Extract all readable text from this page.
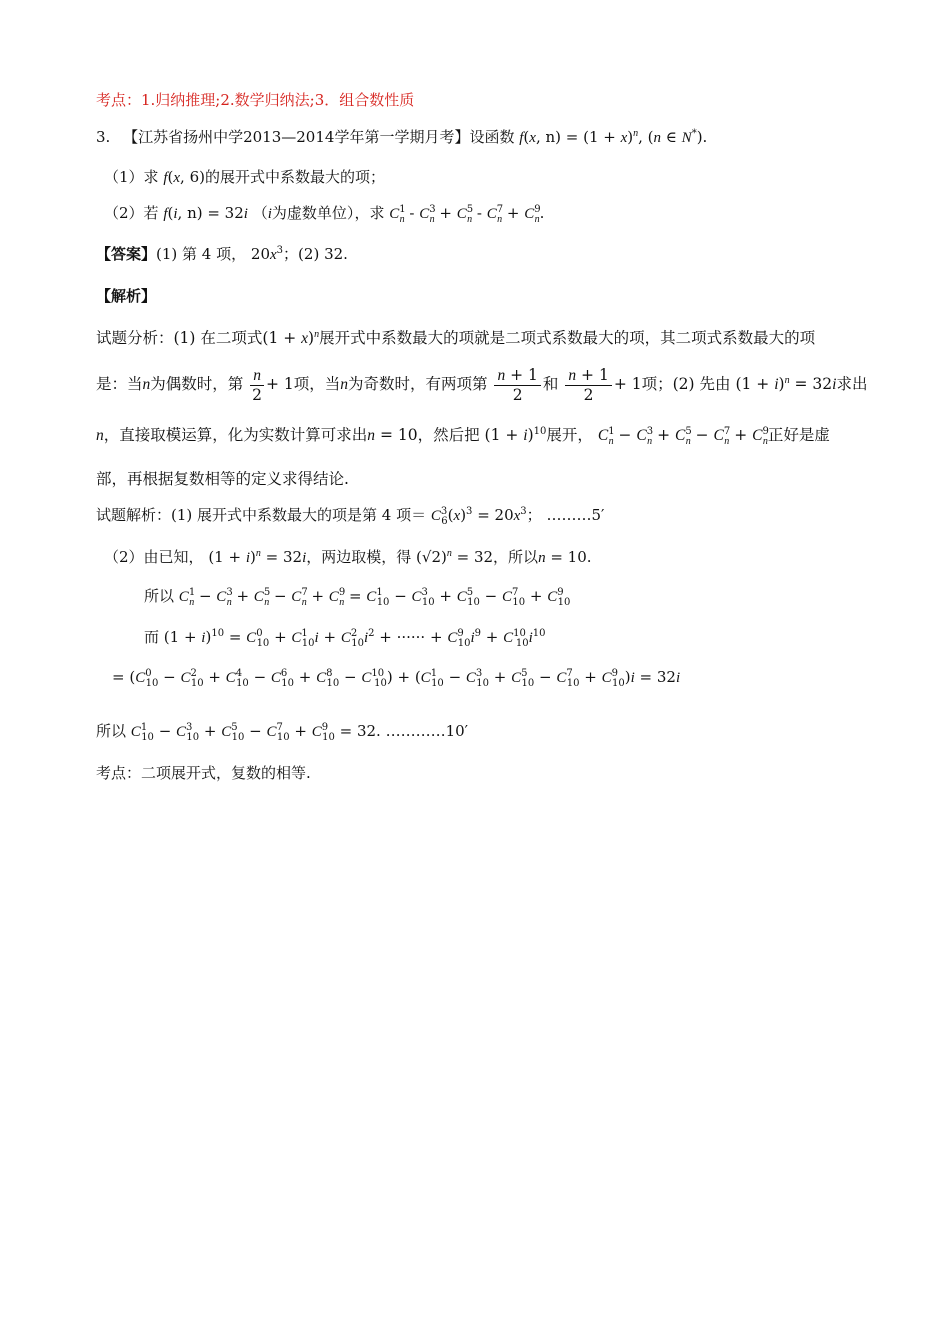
考点：1.归纳推理;2.数学归纳法;3．组合数性质
3. 【江苏省扬州中学2013—2014学年第一学期月考】设函数 f(x, $n) = (1 + x)^n$, (n ∈ N*).
（1）求 f(x, 6)的展开式中系数最大的项；
（2）若 f(i, n) = 32i （i为虚数单位），求 $C^1_n - C^3_n + C^5_n - C^7_n + C^9_n$.
【答案】(1) 第 4 项， $20x^3$；(2) 32.
【解析】
试题分析：(1) 在二项式$(1 + x)^n$展开式中系数最大的项就是二项式系数最大的项，其二项式系数最大的项
是：当n为偶数时，第 $\frac{n}{2} + 1$项，当n为奇数时，有两项第 $\frac{n + 1}{2}$ 和 $\frac{n + 1}{2} + 1$项；(2) 先由 $(1 + i)^n = 32i$求出
n，直接取模运算，化为实数计算可求出n = 10，然后把 $(1 + i)^{10}$展开， $C^1_n - C^3_n + C^5_n - C^7_n + C^9_n$正好是虚
部，再根据复数相等的定义求得结论.
试题解析：(1) 展开式中系数最大的项是第 4 项＝ $C^3_6(x)^3 = 20x^3$； ………5′
（2）由已知， $(1 + i)^n = 32i$，两边取模，得 $(√2)^n = 32$，所以n = 10.
所以 $C^1_n - C^3_n + C^5_n - C^7_n + C^9_n = C^1_{10} - C^3_{10} + C^5_{10} - C^7_{10} + C^9_{10}$
而 $(1 + i)^{10} = C^0_{10} + C^1_{10}i + C^2_{10}i^2$ + ······ + $C^9_{10}i^9 + C^{10}_{10}i^{10}$
= $(C^0_{10} - C^2_{10} + C^4_{10} - C^6_{10} + C^8_{10} - C^{10}_{10}) + (C^1_{10} - C^3_{10} + C^5_{10} - C^7_{10} + C^9_{10})i = 32i$
所以 $C^1_{10} - C^3_{10} + C^5_{10} - C^7_{10} + C^9_{10} = 32$. …………10′
考点：二项展开式，复数的相等.
